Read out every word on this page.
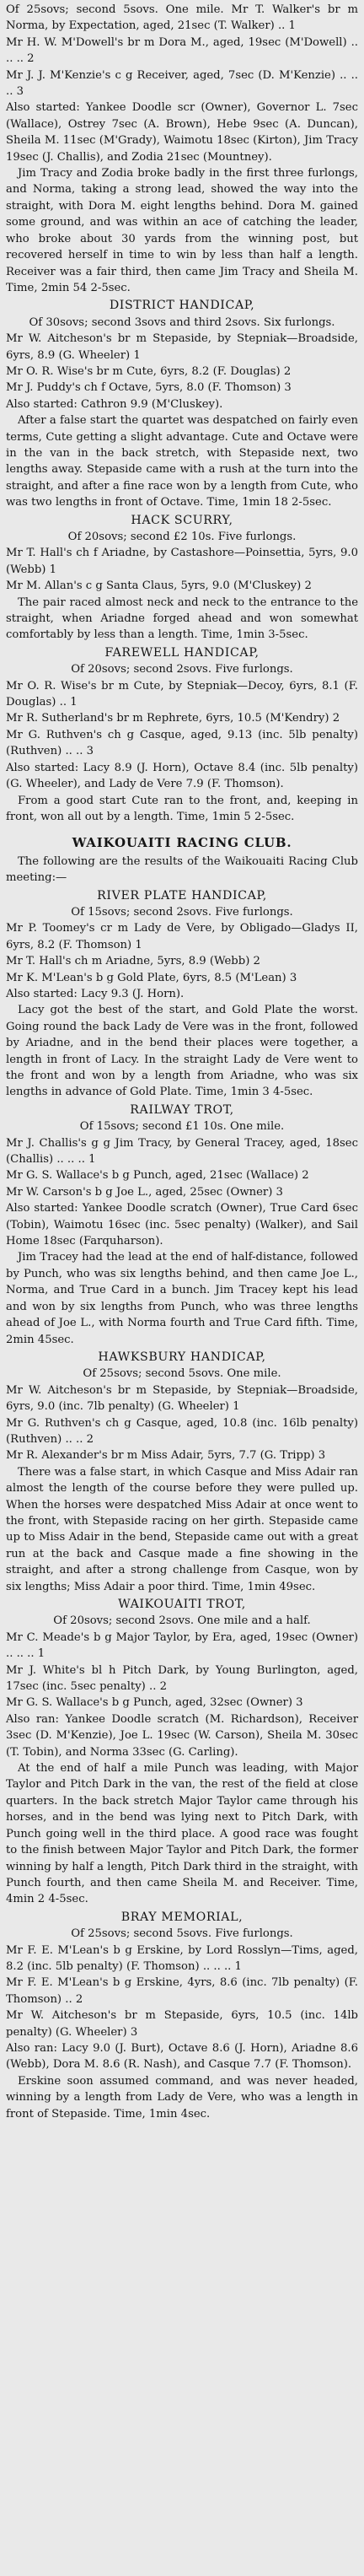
Of 25sovs; second 5sovs. One mile. Mr T. Walker's br m Norma, by Expectation, aged, 21sec (T. Walker) .. 1

Mr H. W. M'Dowell's br m Dora M., aged, 19sec (M'Dowell) .. .. .. 2

Mr J. J. M'Kenzie's c g Receiver, aged, 7sec (D. M'Kenzie) .. .. .. 3

Also started: Yankee Doodle scr (Owner), Governor L. 7sec (Wallace), Ostrey 7sec (A. Brown), Hebe 9sec (A. Duncan), Sheila M. 11sec (M'Grady), Waimotu 18sec (Kirton), Jim Tracy 19sec (J. Challis), and Zodia 21sec (Mountney).

Jim Tracy and Zodia broke badly in the first three furlongs, and Norma, taking a strong lead, showed the way into the straight, with Dora M. eight lengths behind. Dora M. gained some ground, and was within an ace of catching the leader, who broke about 30 yards from the winning post, but recovered herself in time to win by less than half a length. Receiver was a fair third, then came Jim Tracy and Sheila M. Time, 2min 54 2-5sec.

DISTRICT HANDICAP,

Of 30sovs; second 3sovs and third 2sovs. Six furlongs.

Mr W. Aitcheson's br m Stepaside, by Stepniak—Broadside, 6yrs, 8.9 (G. Wheeler) 1

Mr O. R. Wise's br m Cute, 6yrs, 8.2 (F. Douglas) 2

Mr J. Puddy's ch f Octave, 5yrs, 8.0 (F. Thomson) 3

Also started: Cathron 9.9 (M'Cluskey).

After a false start the quartet was despatched on fairly even terms, Cute getting a slight advantage. Cute and Octave were in the van in the back stretch, with Stepaside next, two lengths away. Stepaside came with a rush at the turn into the straight, and after a fine race won by a length from Cute, who was two lengths in front of Octave. Time, 1min 18 2-5sec.

HACK SCURRY,

Of 20sovs; second £2 10s. Five furlongs.

Mr T. Hall's ch f Ariadne, by Castashore—Poinsettia, 5yrs, 9.0 (Webb) 1

Mr M. Allan's c g Santa Claus, 5yrs, 9.0 (M'Cluskey) 2

The pair raced almost neck and neck to the entrance to the straight, when Ariadne forged ahead and won somewhat comfortably by less than a length. Time, 1min 3-5sec.

FAREWELL HANDICAP,

Of 20sovs; second 2sovs. Five furlongs.

Mr O. R. Wise's br m Cute, by Stepniak—Decoy, 6yrs, 8.1 (F. Douglas) .. 1

Mr R. Sutherland's br m Rephrete, 6yrs, 10.5 (M'Kendry) 2

Mr G. Ruthven's ch g Casque, aged, 9.13 (inc. 5lb penalty) (Ruthven) .. .. 3

Also started: Lacy 8.9 (J. Horn), Octave 8.4 (inc. 5lb penalty) (G. Wheeler), and Lady de Vere 7.9 (F. Thomson).

From a good start Cute ran to the front, and, keeping in front, won all out by a length. Time, 1min 5 2-5sec.

WAIKOUAITI RACING CLUB.

The following are the results of the Waikouaiti Racing Club meeting:—

RIVER PLATE HANDICAP,

Of 15sovs; second 2sovs. Five furlongs.

Mr P. Toomey's cr m Lady de Vere, by Obligado—Gladys II, 6yrs, 8.2 (F. Thomson) 1

Mr T. Hall's ch m Ariadne, 5yrs, 8.9 (Webb) 2

Mr K. M'Lean's b g Gold Plate, 6yrs, 8.5 (M'Lean) 3

Also started: Lacy 9.3 (J. Horn).

Lacy got the best of the start, and Gold Plate the worst. Going round the back Lady de Vere was in the front, followed by Ariadne, and in the bend their places were together, a length in front of Lacy. In the straight Lady de Vere went to the front and won by a length from Ariadne, who was six lengths in advance of Gold Plate. Time, 1min 3 4-5sec.

RAILWAY TROT,

Of 15sovs; second £1 10s. One mile.

Mr J. Challis's g g Jim Tracy, by General Tracey, aged, 18sec (Challis) .. .. .. 1

Mr G. S. Wallace's b g Punch, aged, 21sec (Wallace) 2

Mr W. Carson's b g Joe L., aged, 25sec (Owner) 3

Also started: Yankee Doodle scratch (Owner), True Card 6sec (Tobin), Waimotu 16sec (inc. 5sec penalty) (Walker), and Sail Home 18sec (Farquharson).

Jim Tracey had the lead at the end of half-distance, followed by Punch, who was six lengths behind, and then came Joe L., Norma, and True Card in a bunch. Jim Tracey kept his lead and won by six lengths from Punch, who was three lengths ahead of Joe L., with Norma fourth and True Card fifth. Time, 2min 45sec.

HAWKSBURY HANDICAP,

Of 25sovs; second 5sovs. One mile.

Mr W. Aitcheson's br m Stepaside, by Stepniak—Broadside, 6yrs, 9.0 (inc. 7lb penalty) (G. Wheeler) 1

Mr G. Ruthven's ch g Casque, aged, 10.8 (inc. 16lb penalty) (Ruthven) .. .. 2

Mr R. Alexander's br m Miss Adair, 5yrs, 7.7 (G. Tripp) 3

There was a false start, in which Casque and Miss Adair ran almost the length of the course before they were pulled up. When the horses were despatched Miss Adair at once went to the front, with Stepaside racing on her girth. Stepaside came up to Miss Adair in the bend, Stepaside came out with a great run at the back and Casque made a fine showing in the straight, and after a strong challenge from Casque, won by six lengths; Miss Adair a poor third. Time, 1min 49sec.

WAIKOUAITI TROT,

Of 20sovs; second 2sovs. One mile and a half.

Mr C. Meade's b g Major Taylor, by Era, aged, 19sec (Owner) .. .. .. 1

Mr J. White's bl h Pitch Dark, by Young Burlington, aged, 17sec (inc. 5sec penalty) .. 2

Mr G. S. Wallace's b g Punch, aged, 32sec (Owner) 3

Also ran: Yankee Doodle scratch (M. Richardson), Receiver 3sec (D. M'Kenzie), Joe L. 19sec (W. Carson), Sheila M. 30sec (T. Tobin), and Norma 33sec (G. Carling).

At the end of half a mile Punch was leading, with Major Taylor and Pitch Dark in the van, the rest of the field at close quarters. In the back stretch Major Taylor came through his horses, and in the bend was lying next to Pitch Dark, with Punch going well in the third place. A good race was fought to the finish between Major Taylor and Pitch Dark, the former winning by half a length, Pitch Dark third in the straight, with Punch fourth, and then came Sheila M. and Receiver. Time, 4min 2 4-5sec.

BRAY MEMORIAL,

Of 25sovs; second 5sovs. Five furlongs.

Mr F. E. M'Lean's b g Erskine, by Lord Rosslyn—Tims, aged, 8.2 (inc. 5lb penalty) (F. Thomson) .. .. .. 1

Mr F. E. M'Lean's b g Erskine, 4yrs, 8.6 (inc. 7lb penalty) (F. Thomson) .. 2

Mr W. Aitcheson's br m Stepaside, 6yrs, 10.5 (inc. 14lb penalty) (G. Wheeler) 3

Also ran: Lacy 9.0 (J. Burt), Octave 8.6 (J. Horn), Ariadne 8.6 (Webb), Dora M. 8.6 (R. Nash), and Casque 7.7 (F. Thomson).

Erskine soon assumed command, and was never headed, winning by a length from Lady de Vere, who was a length in front of Stepaside. Time, 1min 4sec.
